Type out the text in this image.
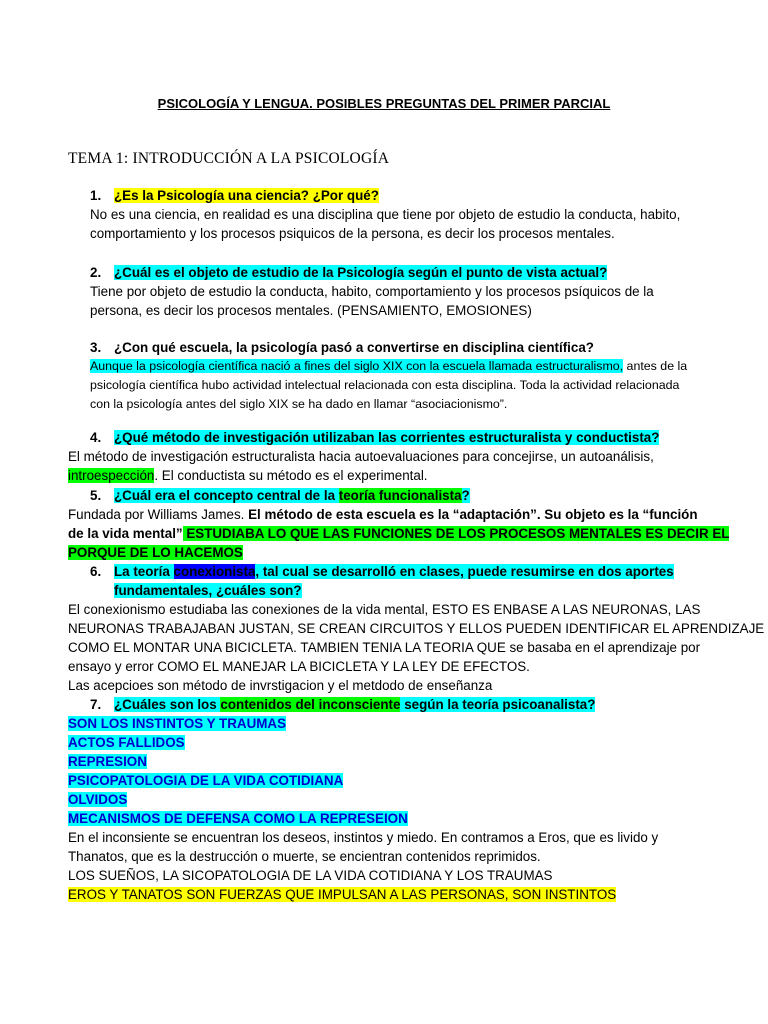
PSICOLOGÍA Y LENGUA. POSIBLES PREGUNTAS DEL PRIMER PARCIAL
TEMA 1: INTRODUCCIÓN A LA PSICOLOGÍA
1. ¿Es la Psicología una ciencia? ¿Por qué?
No es una ciencia, en realidad es una disciplina que tiene por objeto de estudio la conducta, habito,
comportamiento y los procesos psiquicos de la persona, es decir los procesos mentales.
2. ¿Cuál es el objeto de estudio de la Psicología según el punto de vista actual?
Tiene por objeto de estudio la conducta, habito, comportamiento y los procesos psíquicos de la
persona, es decir los procesos mentales. (PENSAMIENTO, EMOSIONES)
3. ¿Con qué escuela, la psicología pasó a convertirse en disciplina científica?
Aunque la psicología científica nació a fines del siglo XIX con la escuela llamada estructuralismo, antes de la
psicología científica hubo actividad intelectual relacionada con esta disciplina. Toda la actividad relacionada
con la psicología antes del siglo XIX se ha dado en llamar “asociacionismo”.
4. ¿Qué método de investigación utilizaban las corrientes estructuralista y conductista?
El método de investigación estructuralista hacia autoevaluaciones para concejirse, un autoanálisis,
introespección. El conductista su método es el experimental.
5. ¿Cuál era el concepto central de la teoría funcionalista?
Fundada por Williams James. El método de esta escuela es la “adaptación”. Su objeto es la “función
de la vida mental” ESTUDIABA LO QUE LAS FUNCIONES DE LOS PROCESOS MENTALES ES DECIR EL
PORQUE DE LO HACEMOS
6. La teoría conexionista, tal cual se desarrolló en clases, puede resumirse en dos aportes
fundamentales, ¿cuáles son?
El conexionismo estudiaba las conexiones de la vida mental, ESTO ES ENBASE A LAS NEURONAS, LAS
NEURONAS TRABAJABAN JUSTAN, SE CREAN CIRCUITOS Y ELLOS PUEDEN IDENTIFICAR EL APRENDIZAJE
COMO EL MONTAR UNA BICICLETA. TAMBIEN TENIA LA TEORIA QUE se basaba en el aprendizaje por
ensayo y error COMO EL MANEJAR LA BICICLETA Y LA LEY DE EFECTOS.
Las acepcioes son método de invrstigacion y el metdodo de enseñanza
7. ¿Cuáles son los contenidos del inconsciente según la teoría psicoanalista?
SON LOS INSTINTOS Y TRAUMAS
ACTOS FALLIDOS
REPRESION
PSICOPATOLOGIA DE LA VIDA COTIDIANA
OLVIDOS
MECANISMOS DE DEFENSA COMO LA REPRESEION
En el inconsiente se encuentran los deseos, instintos y miedo. En contramos a Eros, que es livido y
Thanatos, que es la destrucción o muerte, se encientran contenidos reprimidos.
LOS SUEÑOS, LA SICOPATOLOGIA DE LA VIDA COTIDIANA Y LOS TRAUMAS
EROS Y TANATOS SON FUERZAS QUE IMPULSAN A LAS PERSONAS, SON INSTINTOS
